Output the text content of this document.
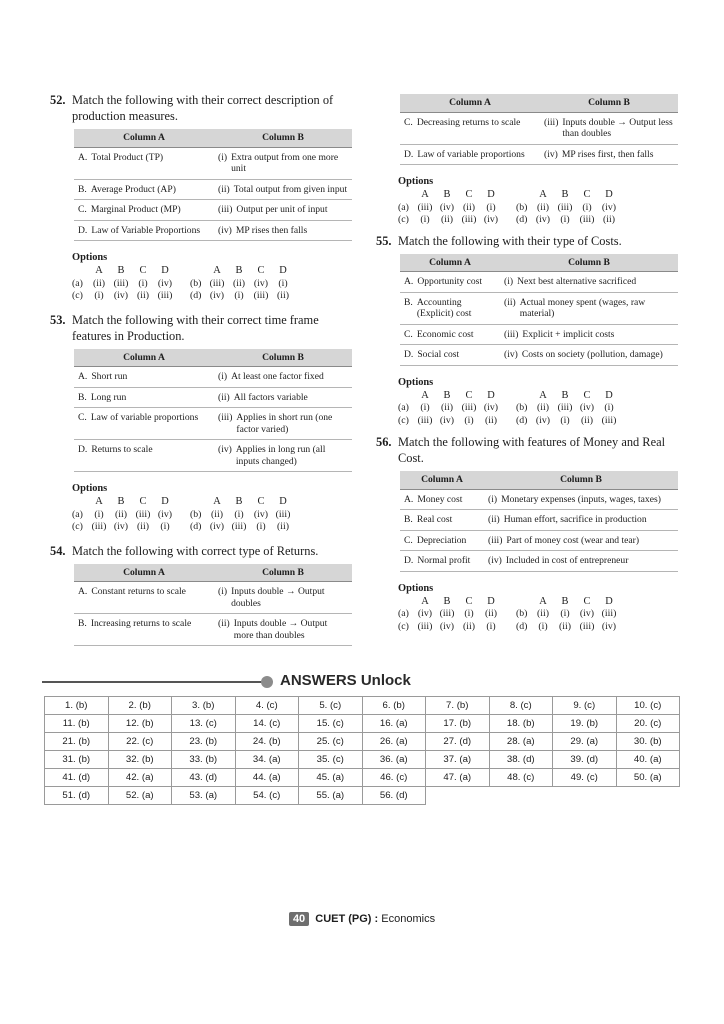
52. Match the following with their correct description of production measures.
Column A	Column B

A. Total Product (TP)	(i) Extra output from one more unit

B. Average Product (AP)	(ii) Total output from given input

C. Marginal Product (MP)	(iii) Output per unit of input

D. Law of Variable Proportions	(iv) MP rises then falls
Options
	A	B	C	D			A	B	C	D
(a)	(ii)	(iii)	(i)	(iv)		(b)	(iii)	(ii)	(iv)	(i)
(c)	(i)	(iv)	(ii)	(iii)		(d)	(iv)	(i)	(iii)	(ii)
53. Match the following with their correct time frame features in Production.
Column A	Column B

A. Short run	(i) At least one factor fixed

B. Long run	(ii) All factors variable

C. Law of variable proportions	(iii) Applies in short run (one factor varied)

D. Returns to scale	(iv) Applies in long run (all inputs changed)
Options
	A	B	C	D			A	B	C	D
(a)	(i)	(ii)	(iii)	(iv)		(b)	(ii)	(i)	(iv)	(iii)
(c)	(iii)	(iv)	(ii)	(i)		(d)	(iv)	(iii)	(i)	(ii)
54. Match the following with correct type of Returns.
Column A	Column B

A. Constant returns to scale	(i) Inputs double → Output doubles

B. Increasing returns to scale	(ii) Inputs double → Output more than doubles
Column A	Column B

C. Decreasing returns to scale	(iii) Inputs double → Output less than doubles

D. Law of variable proportions	(iv) MP rises first, then falls
Options
	A	B	C	D			A	B	C	D
(a)	(iii)	(iv)	(ii)	(i)		(b)	(ii)	(iii)	(i)	(iv)
(c)	(i)	(ii)	(iii)	(iv)		(d)	(iv)	(i)	(iii)	(ii)
55. Match the following with their type of Costs.
Column A	Column B

A. Opportunity cost	(i) Next best alternative sacrificed

B. Accounting (Explicit) cost	(ii) Actual money spent (wages, raw material)

C. Economic cost	(iii) Explicit + implicit costs

D. Social cost	(iv) Costs on society (pollution, damage)
Options
	A	B	C	D			A	B	C	D
(a)	(i)	(ii)	(iii)	(iv)		(b)	(ii)	(iii)	(iv)	(i)
(c)	(iii)	(iv)	(i)	(ii)		(d)	(iv)	(i)	(ii)	(iii)
56. Match the following with features of Money and Real Cost.
Column A	Column B

A. Money cost	(i) Monetary expenses (inputs, wages, taxes)

B. Real cost	(ii) Human effort, sacrifice in production

C. Depreciation	(iii) Part of money cost (wear and tear)

D. Normal profit	(iv) Included in cost of entrepreneur
Options
	A	B	C	D			A	B	C	D
(a)	(iv)	(iii)	(i)	(ii)		(b)	(ii)	(i)	(iv)	(iii)
(c)	(iii)	(iv)	(ii)	(i)		(d)	(i)	(ii)	(iii)	(iv)
ANSWERS Unlock
1. (b)	2. (b)	3. (b)	4. (c)	5. (c)	6. (b)	7. (b)	8. (c)	9. (c)	10. (c)
11. (b)	12. (b)	13. (c)	14. (c)	15. (c)	16. (a)	17. (b)	18. (b)	19. (b)	20. (c)
21. (b)	22. (c)	23. (b)	24. (b)	25. (c)	26. (a)	27. (d)	28. (a)	29. (a)	30. (b)
31. (b)	32. (b)	33. (b)	34. (a)	35. (c)	36. (a)	37. (a)	38. (d)	39. (d)	40. (a)
41. (d)	42. (a)	43. (d)	44. (a)	45. (a)	46. (c)	47. (a)	48. (c)	49. (c)	50. (a)
51. (d)	52. (a)	53. (a)	54. (c)	55. (a)	56. (d)				
40 CUET (PG) : Economics
